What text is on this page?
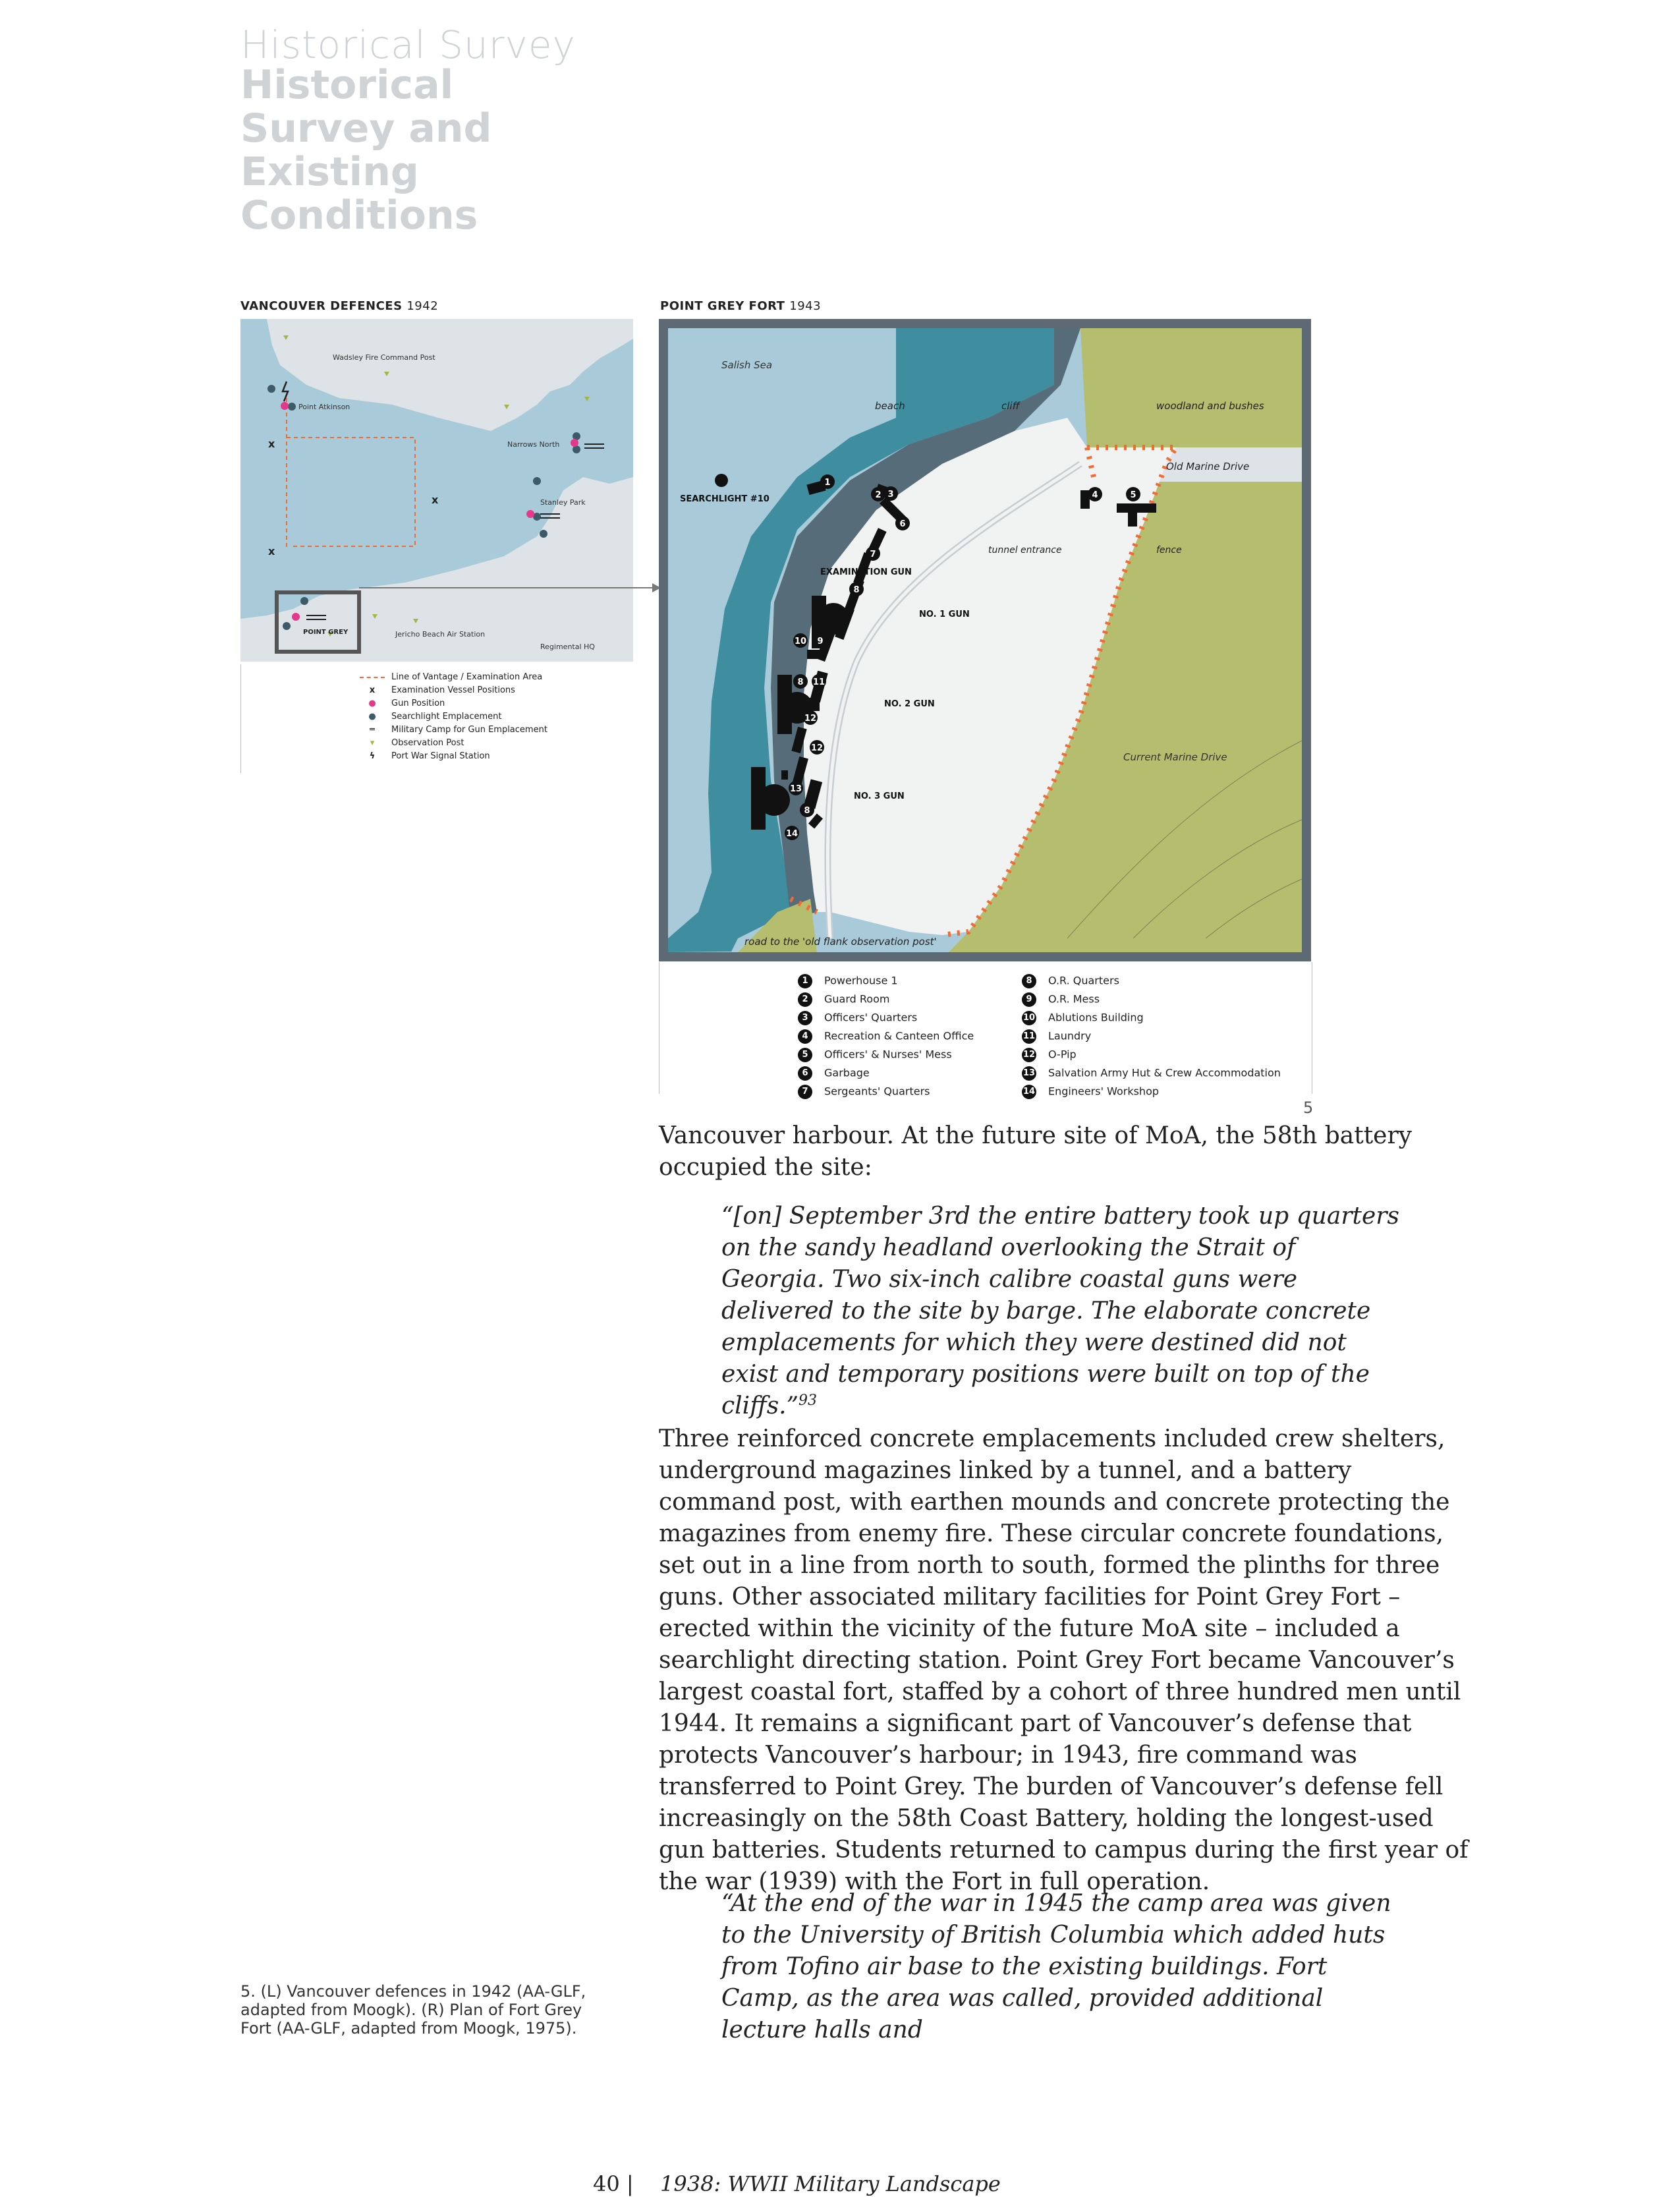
Historical Survey
Historical Survey and Existing Conditions
VANCOUVER DEFENCES 1942
x
x
x
Wadsley Fire Command Post
Point Atkinson
Narrows North
Stanley Park
POINT GREY	Jericho Beach Air Station
Regimental HQ
Line of Vantage / Examination Area
x Examination Vessel Positions
● Gun Position
● Searchlight Emplacement
═ Military Camp for Gun Emplacement
▾ Observation Post
ϟ Port War Signal Station
POINT GREY FORT 1943
1
2 3	4	5
6
7
8
9
10
11
8
12
12
13
8
14
Salish Sea
beach	cliff	woodland and bushes
Old Marine Drive
SEARCHLIGHT #10
tunnel entrance	fence
EXAMINATION GUN
NO. 1 GUN
NO. 2 GUN
NO. 3 GUN
Current Marine Drive
road to the 'old flank observation post'
1 Powerhouse 1
2 Guard Room
3 Officers' Quarters
4 Recreation & Canteen Office
5 Officers' & Nurses' Mess
6 Garbage
7 Sergeants' Quarters
8 O.R. Quarters
9 O.R. Mess
10 Ablutions Building
11 Laundry
12 O-Pip
13 Salvation Army Hut & Crew Accommodation
14 Engineers' Workshop
5
Vancouver harbour. At the future site of MoA, the 58th battery occupied the site:
“[on] September 3rd the entire battery took up quarters on the sandy headland overlooking the Strait of Georgia. Two six-inch calibre coastal guns were delivered to the site by barge. The elaborate concrete emplacements for which they were destined did not exist and temporary positions were built on top of the cliffs.”$^{93}$
Three reinforced concrete emplacements included crew shelters, underground magazines linked by a tunnel, and a battery command post, with earthen mounds and concrete protecting the magazines from enemy fire. These circular concrete foundations, set out in a line from north to south, formed the plinths for three guns. Other associated military facilities for Point Grey Fort – erected within the vicinity of the future MoA site – included a searchlight directing station. Point Grey Fort became Vancouver’s largest coastal fort, staffed by a cohort of three hundred men until 1944. It remains a significant part of Vancouver’s defense that protects Vancouver’s harbour; in 1943, fire command was transferred to Point Grey. The burden of Vancouver’s defense fell increasingly on the 58th Coast Battery, holding the longest-used gun batteries. Students returned to campus during the first year of the war (1939) with the Fort in full operation.
“At the end of the war in 1945 the camp area was given to the University of British Columbia which added huts from Tofino air base to the existing buildings. Fort Camp, as the area was called, provided additional lecture halls and
5. (L) Vancouver defences in 1942 (AA-GLF, adapted from Moogk). (R) Plan of Fort Grey Fort (AA-GLF, adapted from Moogk, 1975).
40 | 1938: WWII Military Landscape
